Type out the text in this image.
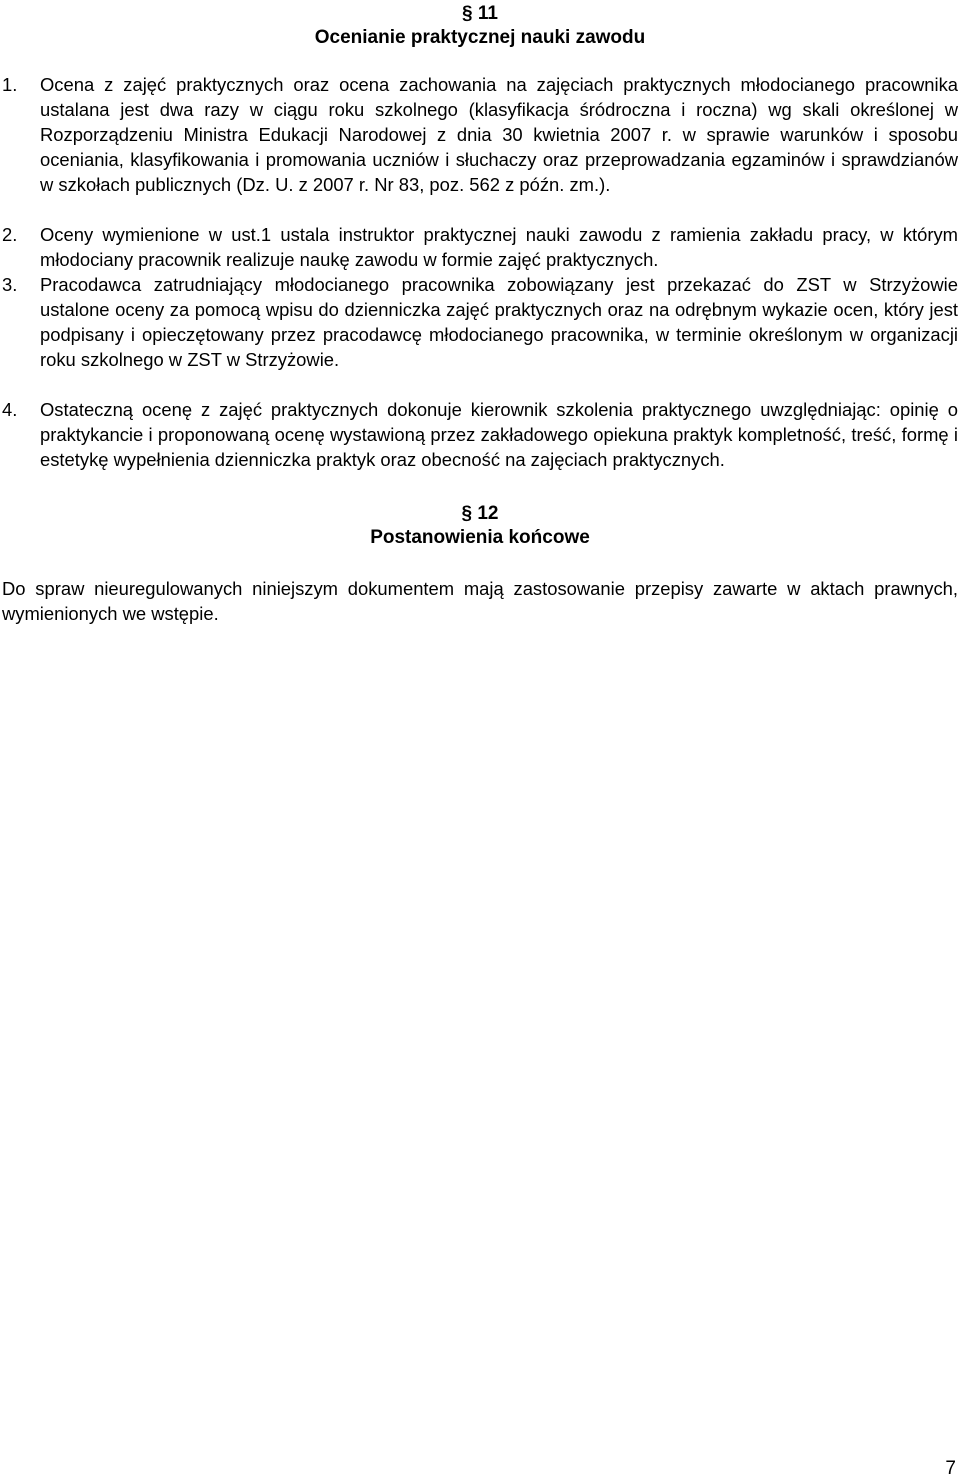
§ 11
Ocenianie praktycznej nauki zawodu

1. Ocena z zajęć praktycznych oraz ocena zachowania na zajęciach praktycznych młodocianego pracownika ustalana jest dwa razy w ciągu roku szkolnego (klasyfikacja śródroczna i roczna) wg skali określonej w Rozporządzeniu Ministra Edukacji Narodowej z dnia 30 kwietnia 2007 r. w sprawie warunków i sposobu oceniania, klasyfikowania i promowania uczniów i słuchaczy oraz przeprowadzania egzaminów i sprawdzianów w szkołach publicznych (Dz. U. z 2007 r. Nr 83, poz. 562 z późn. zm.).

2. Oceny wymienione w ust.1 ustala instruktor praktycznej nauki zawodu z ramienia zakładu pracy, w którym młodociany pracownik realizuje naukę zawodu w formie zajęć praktycznych.

3. Pracodawca zatrudniający młodocianego pracownika zobowiązany jest przekazać do ZST w Strzyżowie ustalone oceny za pomocą wpisu do dzienniczka zajęć praktycznych oraz na odrębnym wykazie ocen, który jest podpisany i opieczętowany przez pracodawcę młodocianego pracownika, w terminie określonym w organizacji roku szkolnego w ZST w Strzyżowie.

4. Ostateczną ocenę z zajęć praktycznych dokonuje kierownik szkolenia praktycznego uwzględniając: opinię o praktykancie i proponowaną ocenę wystawioną przez zakładowego opiekuna praktyk kompletność, treść, formę i estetykę wypełnienia dzienniczka praktyk oraz obecność na zajęciach praktycznych.

§ 12
Postanowienia końcowe

Do spraw nieuregulowanych niniejszym dokumentem mają zastosowanie przepisy zawarte w aktach prawnych, wymienionych we wstępie.

7
